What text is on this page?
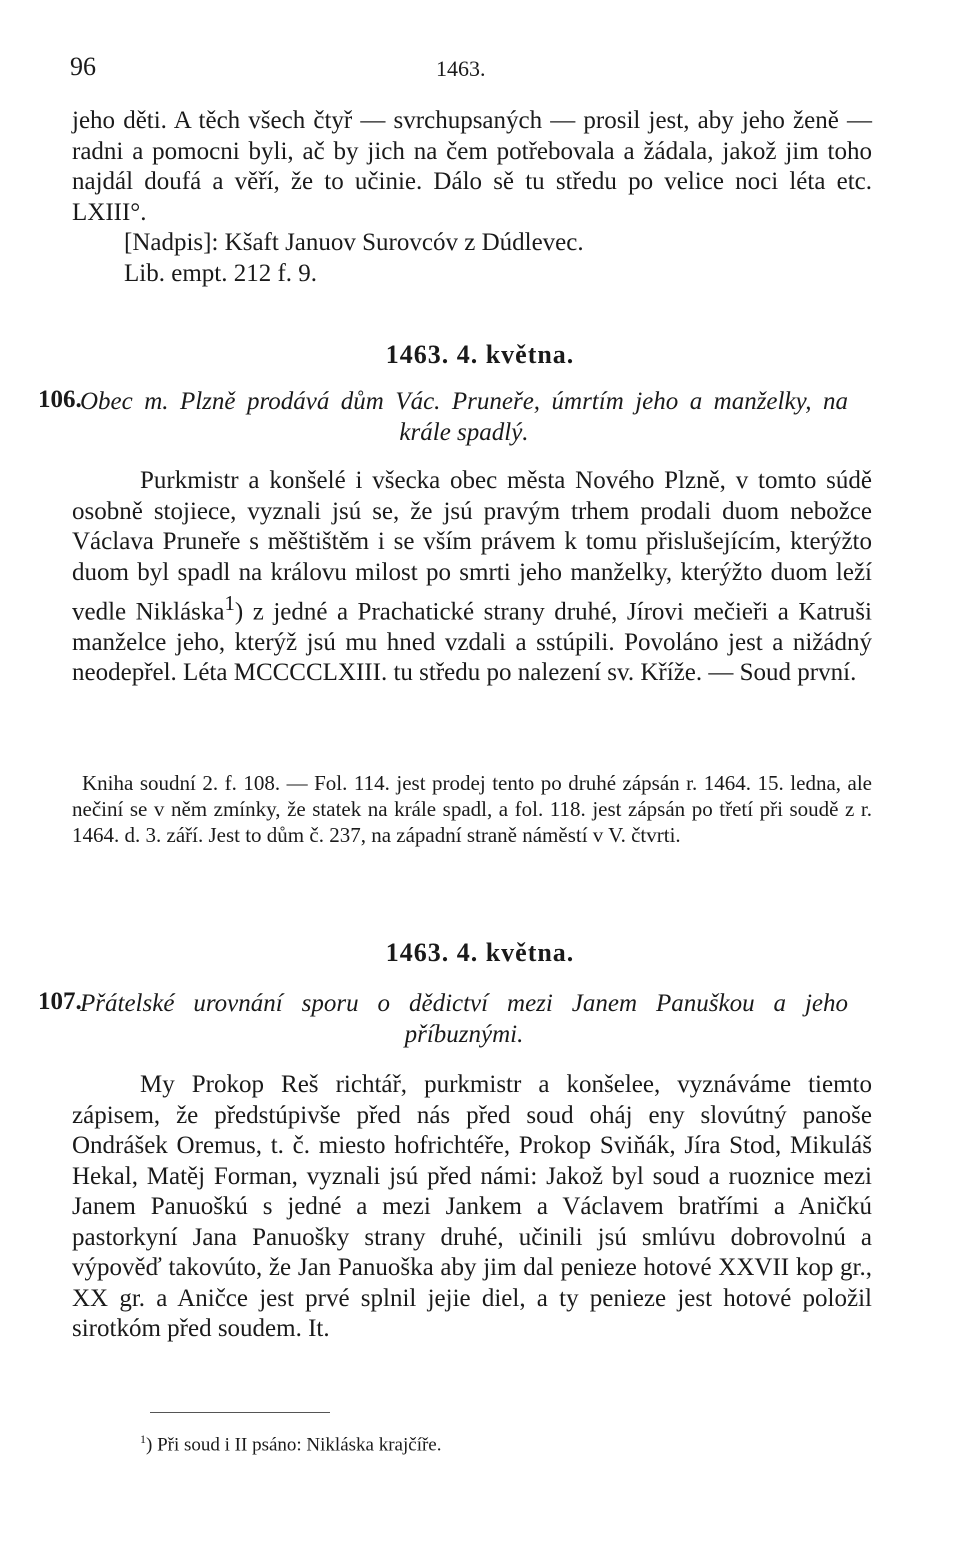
96	1463.

jeho děti. A těch všech čtyř — svrchupsaných — prosil jest, aby jeho ženě — radni a pomocni byli, ač by jich na čem potřebovala a žádala, jakož jim toho najdál doufá a věří, že to učinie. Dálo sě tu středu po velice noci léta etc. LXIII°.

[Nadpis]: Kšaft Januov Surovcóv z Dúdlevec.

Lib. empt. 212 f. 9.

1463. 4. května.
106.

Obec m. Plzně prodává dům Vác. Pruneře, úmrtím jeho a manželky, na krále spadlý.

Purkmistr a konšelé i všecka obec města Nového Plzně, v tomto súdě osobně stojiece, vyznali jsú se, že jsú pravým trhem prodali duom nebožce Václava Pruneře s měštištěm i se vším právem k tomu přislušejícím, kterýžto duom byl spadl na královu milost po smrti jeho manželky, kterýžto duom leží vedle Nikláska$^1$) z jedné a Prachatické strany druhé, Jírovi mečieři a Katruši manželce jeho, kterýž jsú mu hned vzdali a sstúpili. Povoláno jest a nižádný neodepřel. Léta MCCCCLXIII. tu středu po nalezení sv. Kříže. — Soud první.

Kniha soudní 2. f. 108. — Fol. 114. jest prodej tento po druhé zápsán r. 1464. 15. ledna, ale nečiní se v něm zmínky, že statek na krále spadl, a fol. 118. jest zápsán po třetí při soudě z r. 1464. d. 3. září. Jest to dům č. 237, na západní straně náměstí v V. čtvrti.

1463. 4. května.
107.

Přátelské urovnání sporu o dědictví mezi Janem Panuškou a jeho příbuznými.

My Prokop Reš richtář, purkmistr a konšelee, vyznáváme tiemto zápisem, že předstúpivše před nás před soud oháj eny slovútný panoše Ondrášek Oremus, t. č. miesto hofrichtéře, Prokop Sviňák, Jíra Stod, Mikuláš Hekal, Matěj Forman, vyznali jsú před námi: Jakož byl soud a ruoznice mezi Janem Panuoškú s jedné a mezi Jankem a Václavem bratřími a Aničkú pastorkyní Jana Panuošky strany druhé, učinili jsú smlúvu dobrovolnú a výpověď takovúto, že Jan Panuoška aby jim dal penieze hotové XXVII kop gr., XX gr. a Aničce jest prvé splnil jejie diel, a ty penieze jest hotové položil sirotkóm před soudem. It.

$^1$) Při soud i II psáno: Nikláska krajčíře.
